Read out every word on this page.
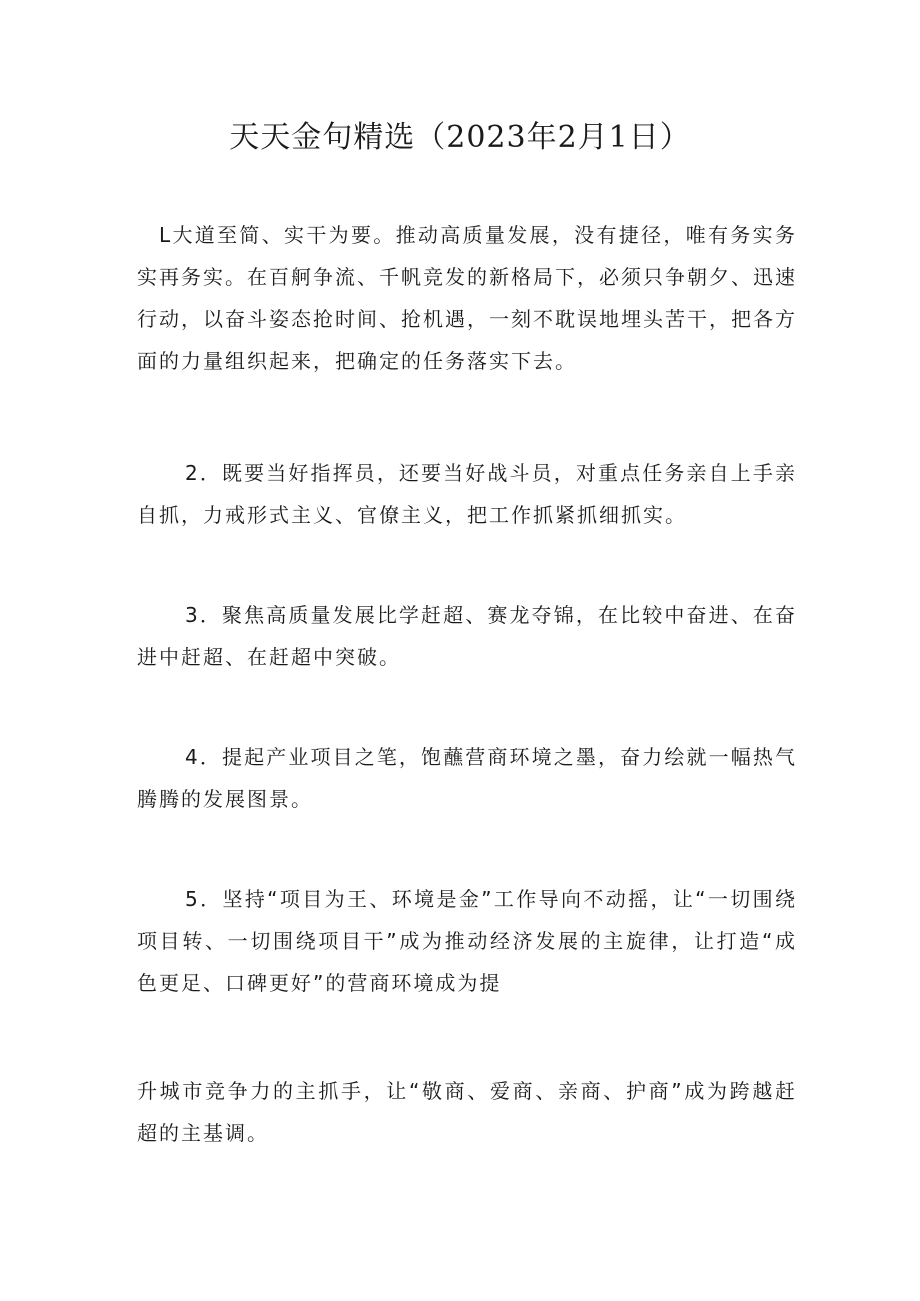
天天金句精选（2023年2月1日）

L大道至简、实干为要。推动高质量发展，没有捷径，唯有务实务实再务实。在百舸争流、千帆竞发的新格局下，必须只争朝夕、迅速行动，以奋斗姿态抢时间、抢机遇，一刻不耽误地埋头苦干，把各方面的力量组织起来，把确定的任务落实下去。

2．既要当好指挥员，还要当好战斗员，对重点任务亲自上手亲自抓，力戒形式主义、官僚主义，把工作抓紧抓细抓实。

3．聚焦高质量发展比学赶超、赛龙夺锦，在比较中奋进、在奋进中赶超、在赶超中突破。

4．提起产业项目之笔，饱蘸营商环境之墨，奋力绘就一幅热气腾腾的发展图景。

5．坚持“项目为王、环境是金”工作导向不动摇，让“一切围绕项目转、一切围绕项目干”成为推动经济发展的主旋律，让打造“成色更足、口碑更好”的营商环境成为提

升城市竞争力的主抓手，让“敬商、爱商、亲商、护商”成为跨越赶超的主基调。
